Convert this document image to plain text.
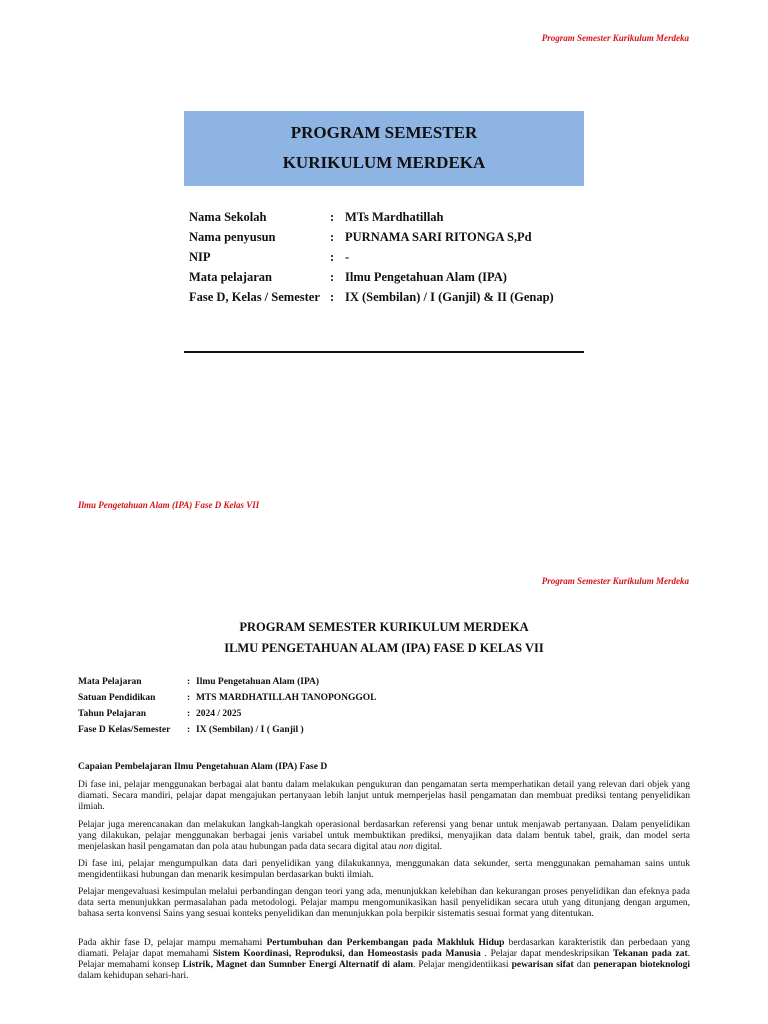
Program Semester Kurikulum Merdeka
PROGRAM SEMESTER
KURIKULUM MERDEKA
Nama Sekolah	:	MTs Mardhatillah
Nama penyusun	:	PURNAMA SARI RITONGA S,Pd
NIP	:	-
Mata pelajaran	:	Ilmu Pengetahuan Alam (IPA)
Fase D, Kelas / Semester	:	IX (Sembilan) / I (Ganjil) & II (Genap)
Ilmu Pengetahuan Alam (IPA) Fase D Kelas VII
Program Semester Kurikulum Merdeka
PROGRAM SEMESTER KURIKULUM MERDEKA
ILMU PENGETAHUAN ALAM (IPA) FASE D KELAS VII
Mata Pelajaran	:	Ilmu Pengetahuan Alam (IPA)
Satuan Pendidikan	:	MTS MARDHATILLAH TANOPONGGOL
Tahun Pelajaran	:	2024 / 2025
Fase D Kelas/Semester	:	IX (Sembilan) / I ( Ganjil )
Capaian Pembelajaran Ilmu Pengetahuan Alam (IPA) Fase D

Di fase ini, pelajar menggunakan berbagai alat bantu dalam melakukan pengukuran dan pengamatan serta memperhatikan detail yang relevan dari objek yang diamati. Secara mandiri, pelajar dapat mengajukan pertanyaan lebih lanjut untuk memperjelas hasil pengamatan dan membuat prediksi tentang penyelidikan ilmiah.

Pelajar juga merencanakan dan melakukan langkah-langkah operasional berdasarkan referensi yang benar untuk menjawab pertanyaan. Dalam penyelidikan yang dilakukan, pelajar menggunakan berbagai jenis variabel untuk membuktikan prediksi, menyajikan data dalam bentuk tabel, graik, dan model serta menjelaskan hasil pengamatan dan pola atau hubungan pada data secara digital atau non digital.

Di fase ini, pelajar mengumpulkan data dari penyelidikan yang dilakukannya, menggunakan data sekunder, serta menggunakan pemahaman sains untuk mengidentiikasi hubungan dan menarik kesimpulan berdasarkan bukti ilmiah.

Pelajar mengevaluasi kesimpulan melalui perbandingan dengan teori yang ada, menunjukkan kelebihan dan kekurangan proses penyelidikan dan efeknya pada data serta menunjukkan permasalahan pada metodologi. Pelajar mampu mengomunikasikan hasil penyelidikan secara utuh yang ditunjang dengan argumen, bahasa serta konvensi Sains yang sesuai konteks penyelidikan dan menunjukkan pola berpikir sistematis sesuai format yang ditentukan.

Pada akhir fase D, pelajar mampu memahami Pertumbuhan dan Perkembangan pada Makhluk Hidup berdasarkan karakteristik dan perbedaan yang diamati. Pelajar dapat memahami Sistem Koordinasi, Reproduksi, dan Homeostasis pada Manusia . Pelajar dapat mendeskripsikan Tekanan pada zat. Pelajar memahami konsep Listrik, Magnet dan Sumnber Energi Alternatif di alam. Pelajar mengidentiikasi pewarisan sifat dan penerapan bioteknologi dalam kehidupan sehari-hari.
